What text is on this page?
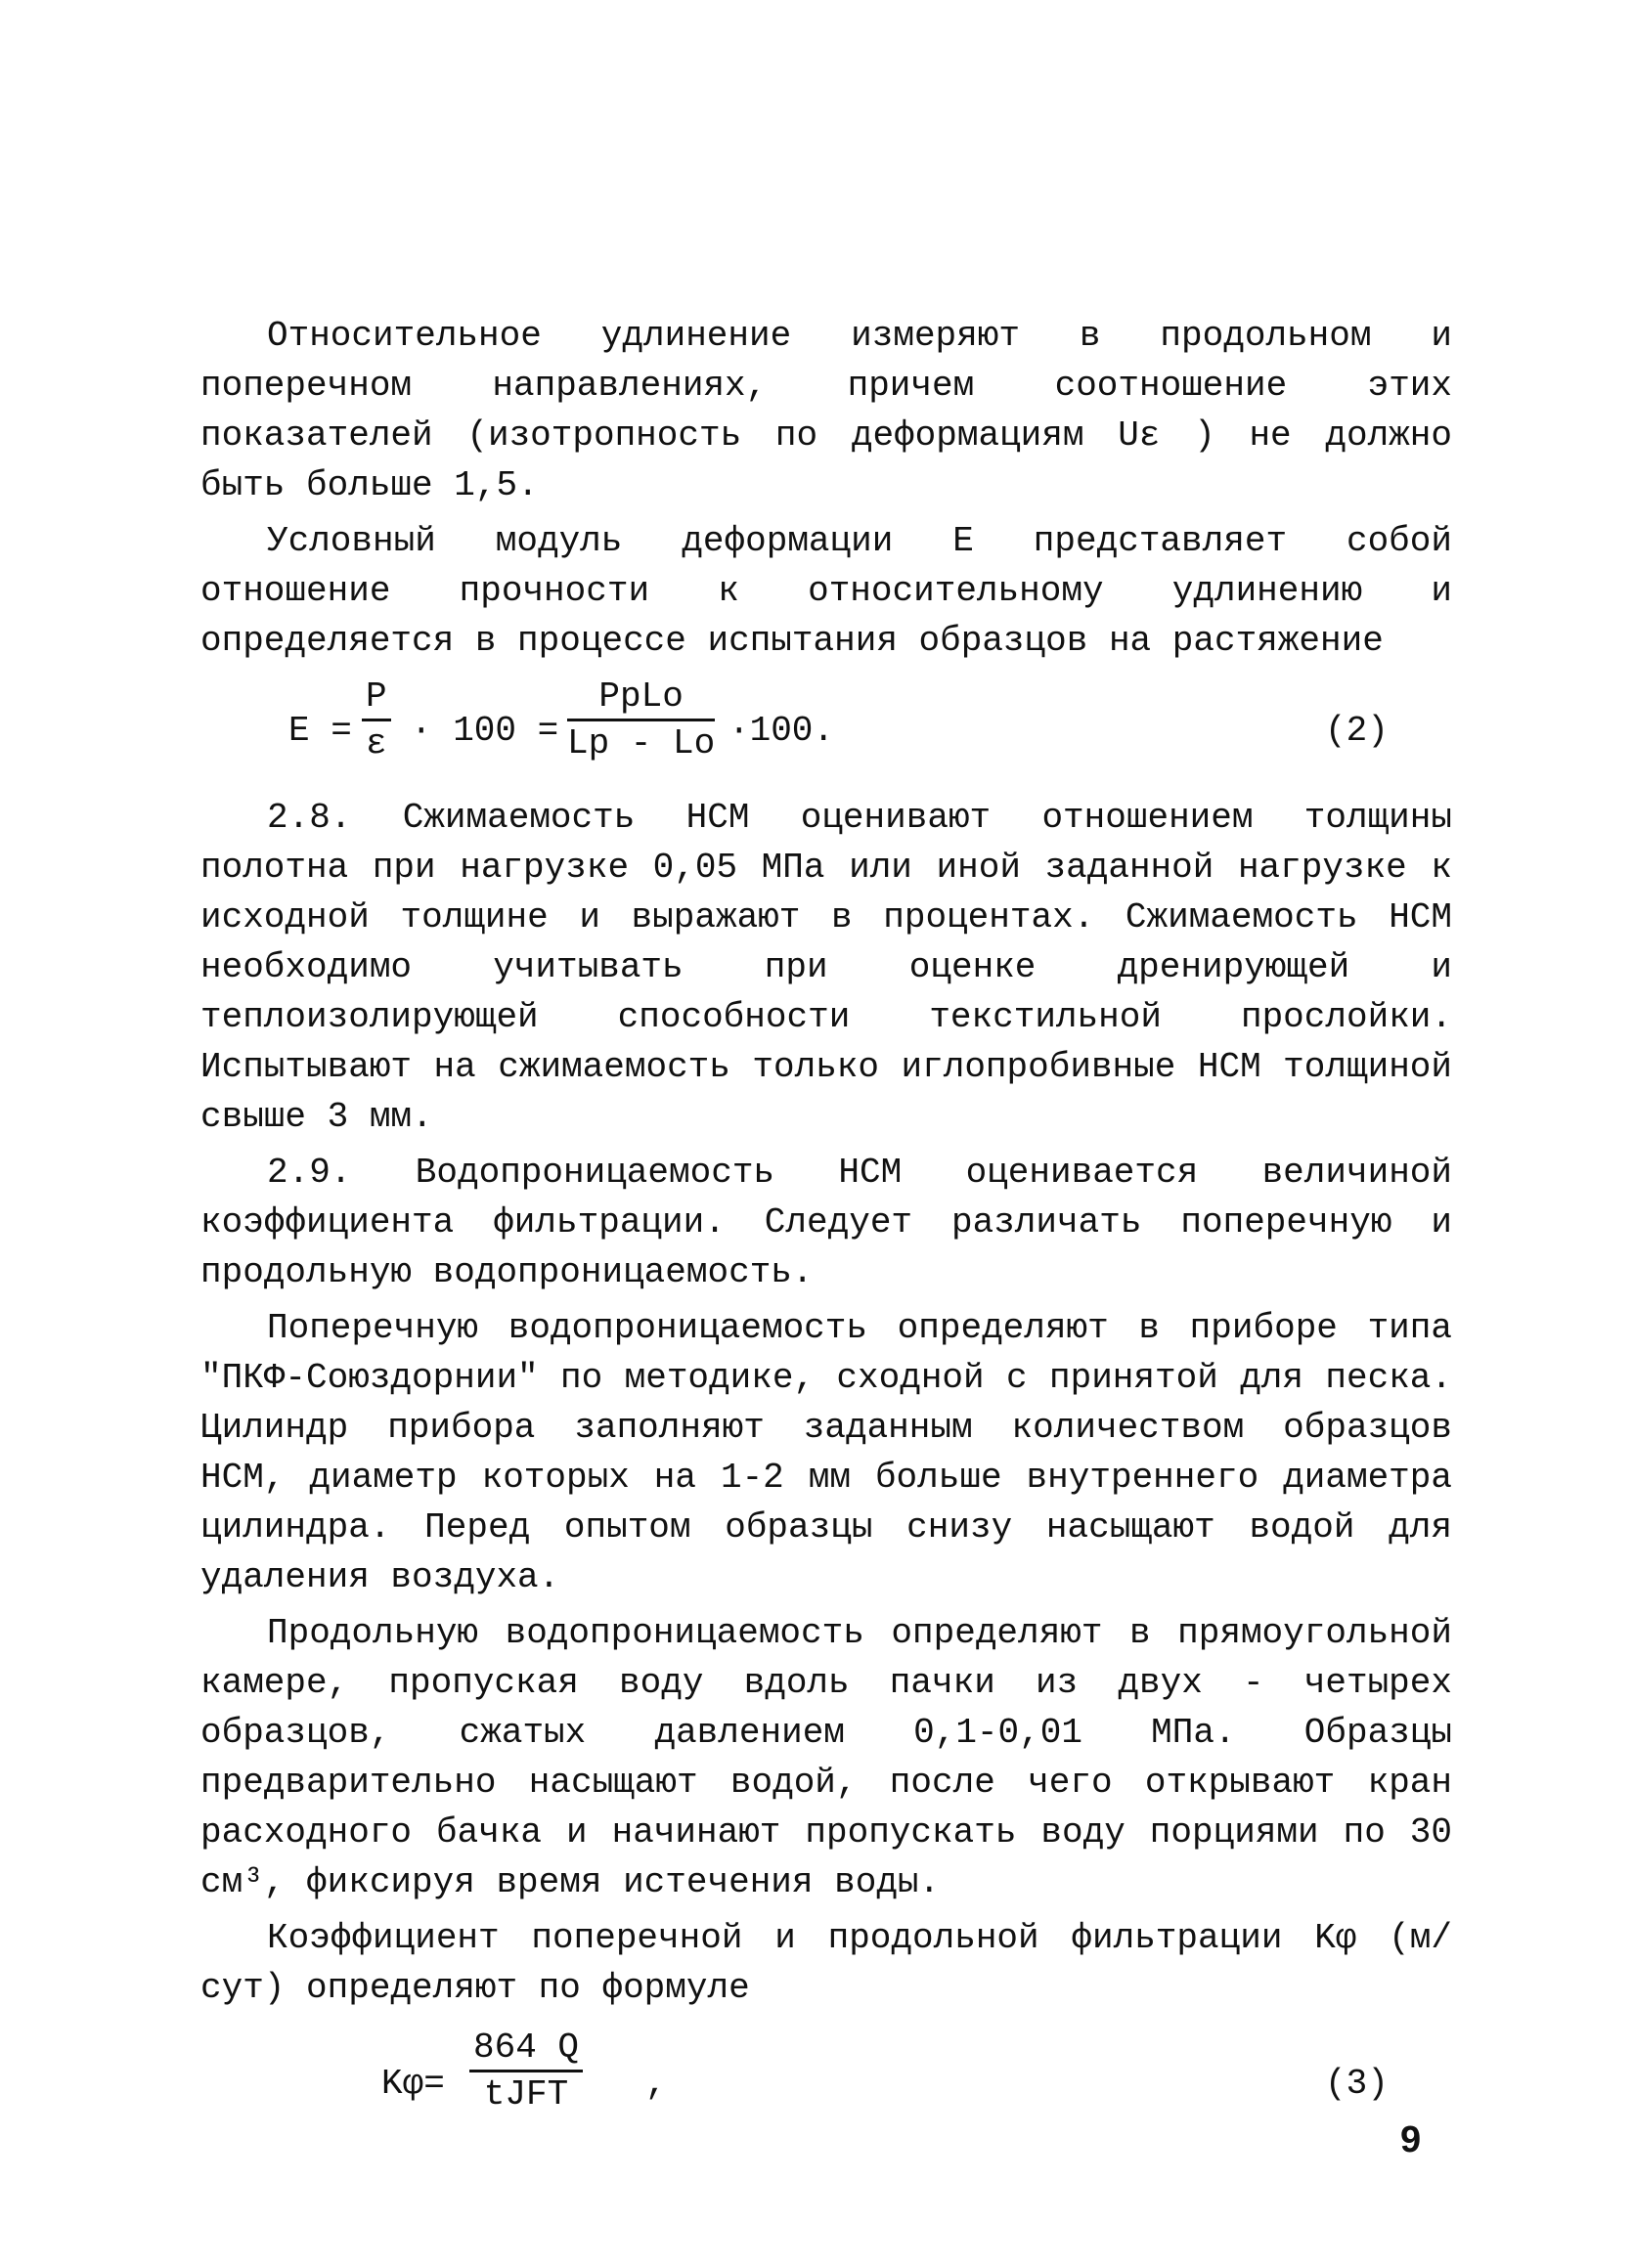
Относительное удлинение измеряют в продольном и поперечном направлениях, причем соотношение этих показателей (изотропность по деформациям Uε ) не должно быть больше 1,5.

Условный модуль деформации E представляет собой отношение прочности к относительному удлинению и определяется в процессе испытания образцов на растяжение

$E = \frac{P}{\varepsilon} \cdot 100$ =
PpLo
Lp - Lo ·100.	(2)

2.8. Сжимаемость НСМ оценивают отношением толщины полотна при нагрузке 0,05 МПа или иной заданной нагрузке к исходной толщине и выражают в процентах. Сжимаемость НСМ необходимо учитывать при оценке дренирующей и теплоизолирующей способности текстильной прослойки. Испытывают на сжимаемость только иглопробивные НСМ толщиной свыше 3 мм.

2.9. Водопроницаемость НСМ оценивается величиной коэффициента фильтрации. Следует различать поперечную и продольную водопроницаемость.

Поперечную водопроницаемость определяют в приборе типа "ПКФ-Союздорнии" по методике, сходной с принятой для песка. Цилиндр прибора заполняют заданным количеством образцов НСМ, диаметр которых на 1-2 мм больше внутреннего диаметра цилиндра. Перед опытом образцы снизу насыщают водой для удаления воздуха.

Продольную водопроницаемость определяют в прямоугольной камере, пропуская воду вдоль пачки из двух - четырех образцов, сжатых давлением 0,1-0,01 МПа. Образцы предварительно насыщают водой, после чего открывают кран расходного бачка и начинают пропускать воду порциями по 30 см³, фиксируя время истечения воды.

Коэффициент поперечной и продольной фильтрации Kφ (м/сут) определяют по формуле

Kφ=
864 Q
tJFT	,	(3)
9
